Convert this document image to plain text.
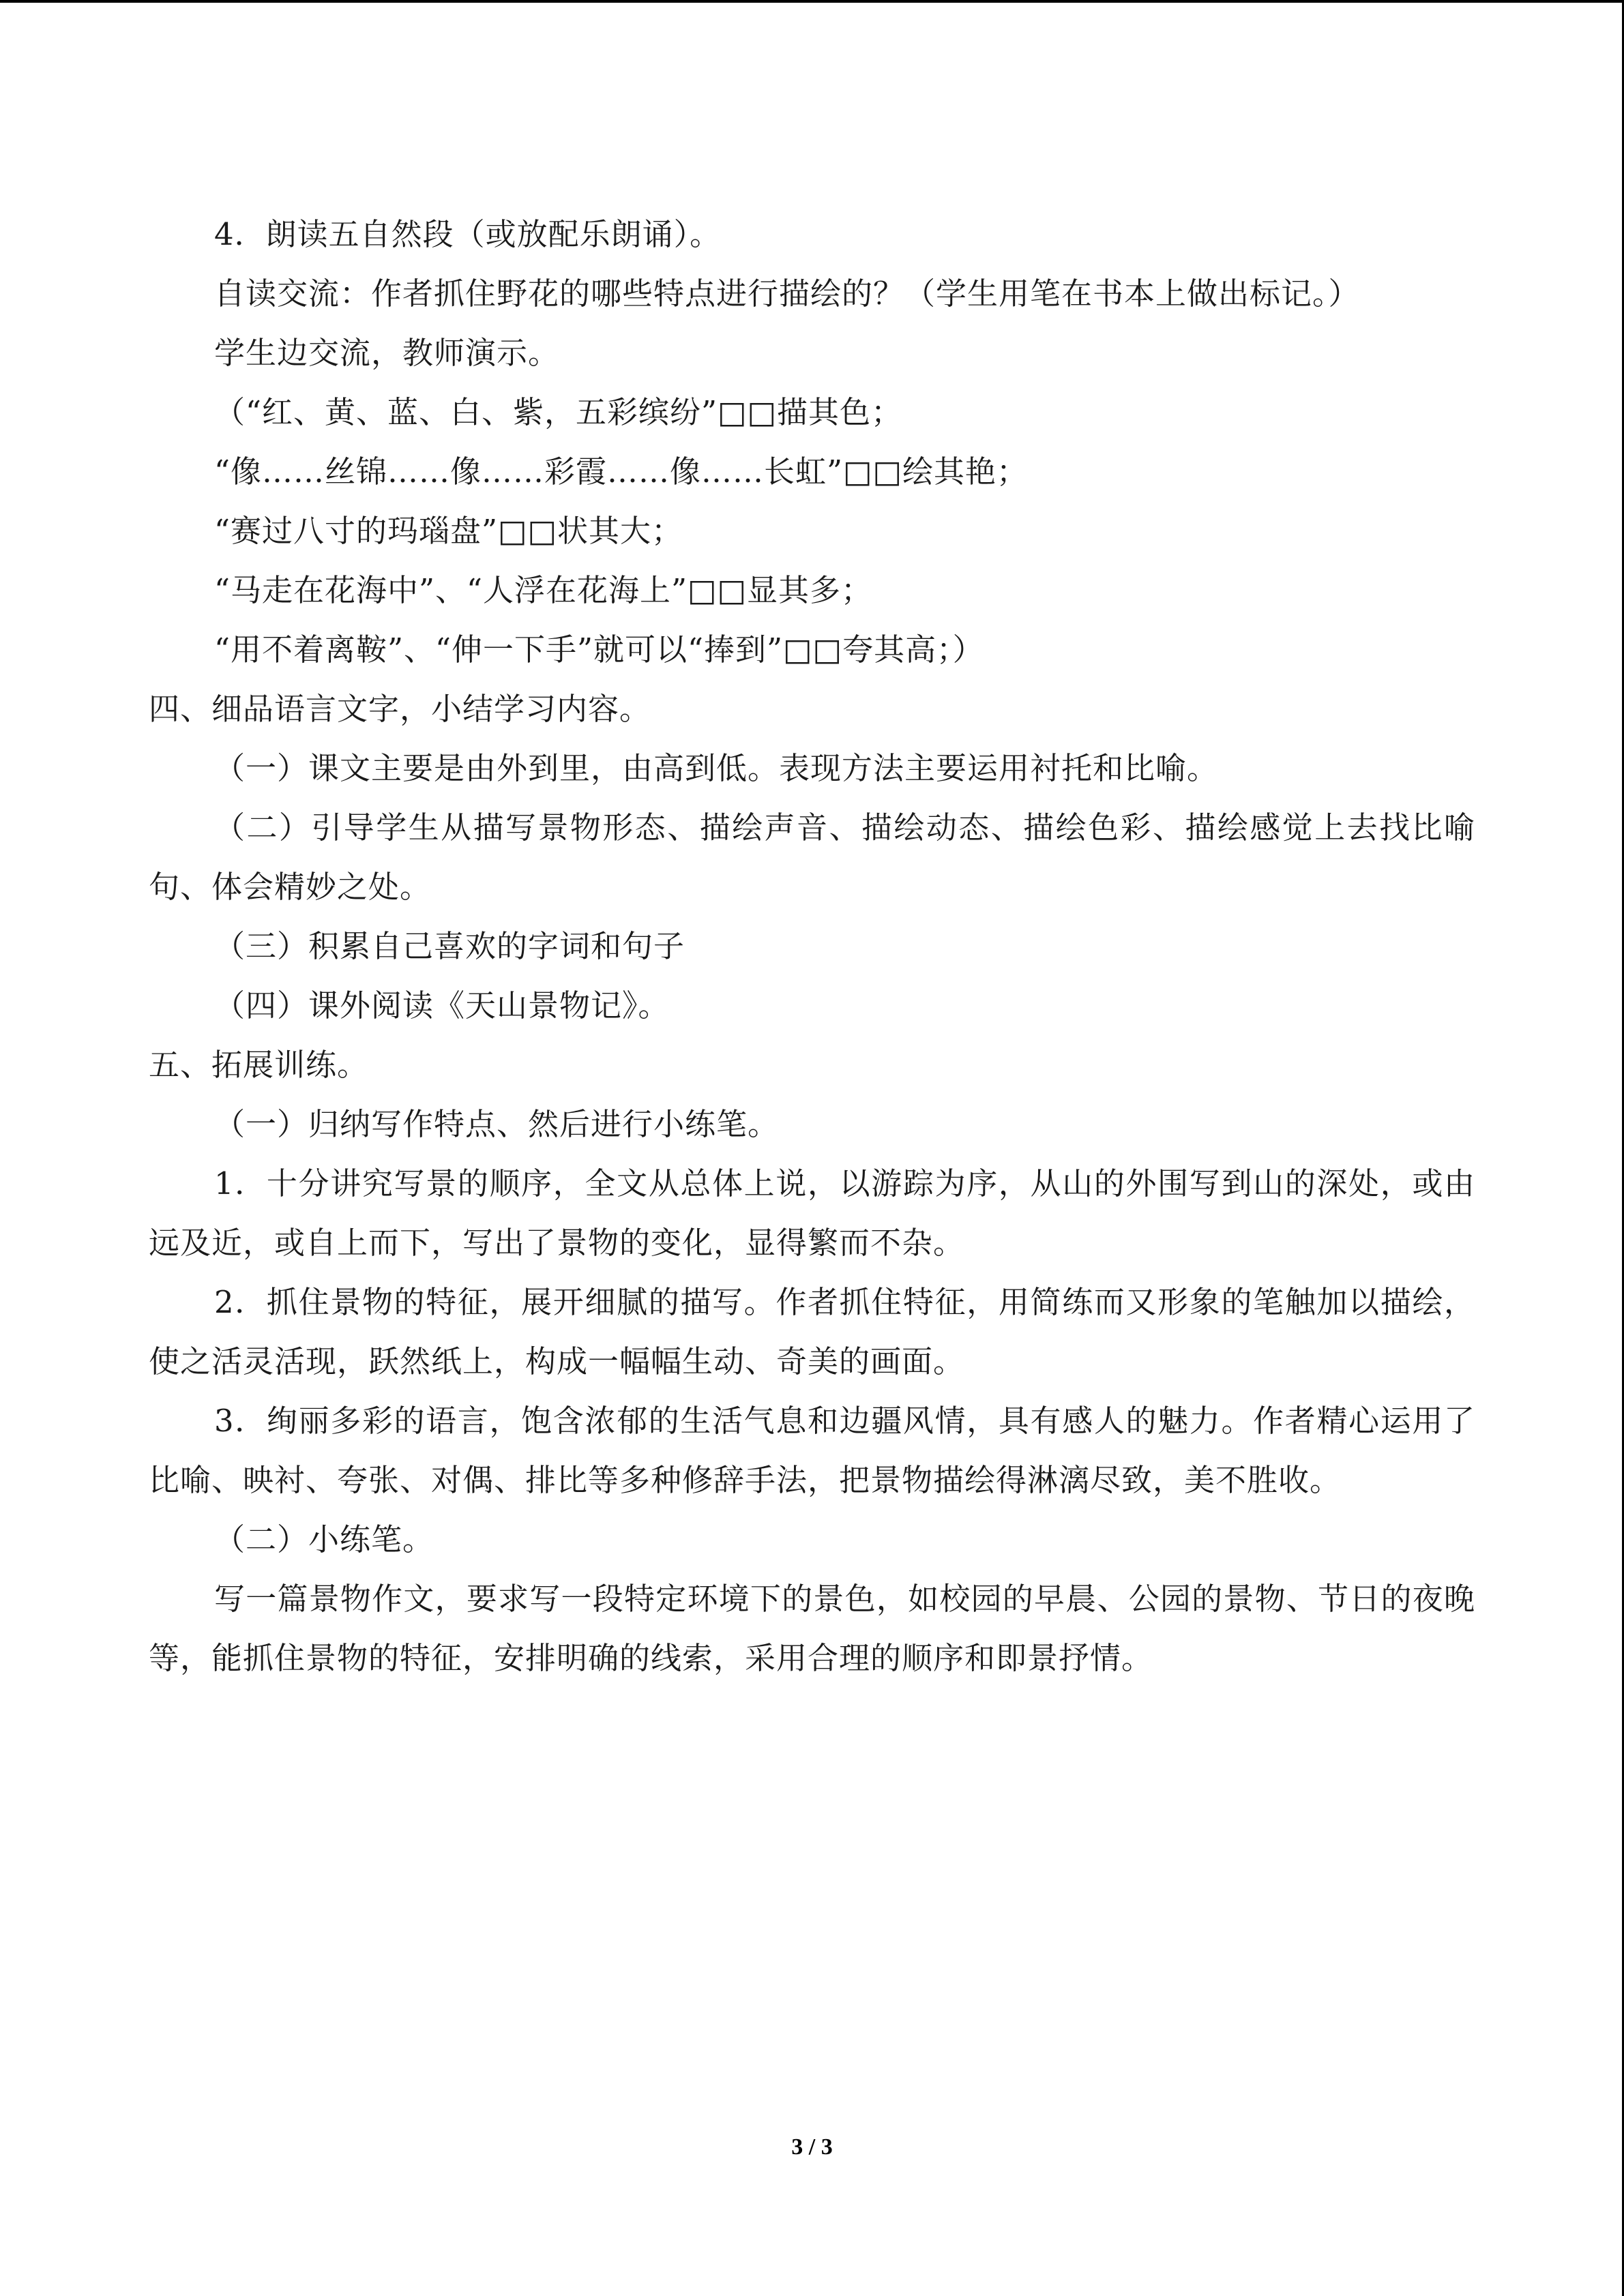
4．朗读五自然段（或放配乐朗诵）。
自读交流：作者抓住野花的哪些特点进行描绘的？（学生用笔在书本上做出标记。）
学生边交流，教师演示。
（“红、黄、蓝、白、紫，五彩缤纷”□□描其色；
“像……丝锦……像……彩霞……像……长虹”□□绘其艳；
“赛过八寸的玛瑙盘”□□状其大；
“马走在花海中”、“人浮在花海上”□□显其多；
“用不着离鞍”、“伸一下手”就可以“捧到”□□夸其高；）
四、细品语言文字，小结学习内容。
（一）课文主要是由外到里，由高到低。表现方法主要运用衬托和比喻。
（二）引导学生从描写景物形态、描绘声音、描绘动态、描绘色彩、描绘感觉上去找比喻句、体会精妙之处。
（三）积累自己喜欢的字词和句子
（四）课外阅读《天山景物记》。
五、拓展训练。
（一）归纳写作特点、然后进行小练笔。
1．十分讲究写景的顺序，全文从总体上说，以游踪为序，从山的外围写到山的深处，或由远及近，或自上而下，写出了景物的变化，显得繁而不杂。
2．抓住景物的特征，展开细腻的描写。作者抓住特征，用简练而又形象的笔触加以描绘，使之活灵活现，跃然纸上，构成一幅幅生动、奇美的画面。
3．绚丽多彩的语言，饱含浓郁的生活气息和边疆风情，具有感人的魅力。作者精心运用了比喻、映衬、夸张、对偶、排比等多种修辞手法，把景物描绘得淋漓尽致，美不胜收。
（二）小练笔。
写一篇景物作文，要求写一段特定环境下的景色，如校园的早晨、公园的景物、节日的夜晚等，能抓住景物的特征，安排明确的线索，采用合理的顺序和即景抒情。
3 / 3
